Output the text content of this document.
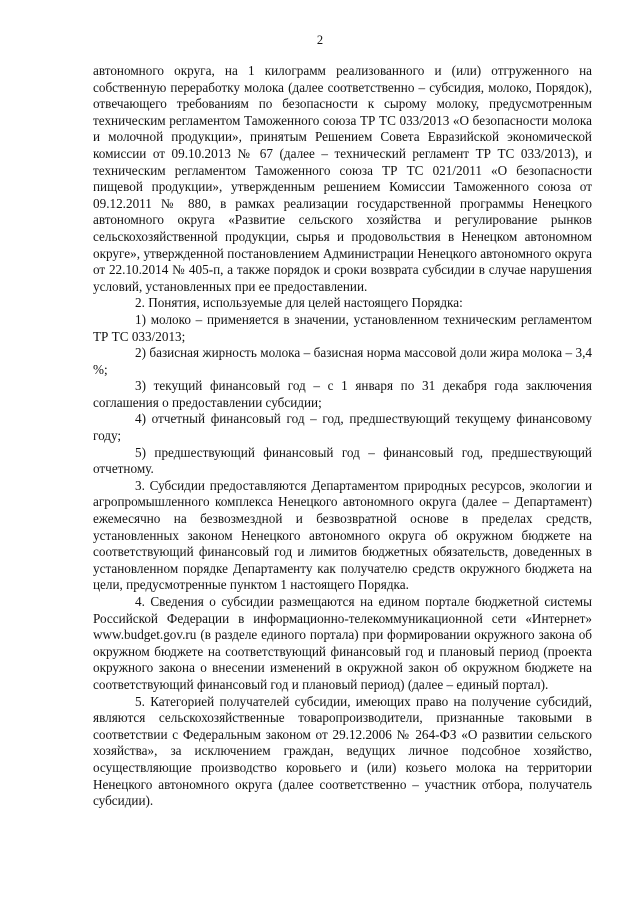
2

автономного округа, на 1 килограмм реализованного и (или) отгруженного на собственную переработку молока (далее соответственно – субсидия, молоко, Порядок), отвечающего требованиям по безопасности к сырому молоку, предусмотренным техническим регламентом Таможенного союза ТР ТС 033/2013 «О безопасности молока и молочной продукции», принятым Решением Совета Евразийской экономической комиссии от 09.10.2013 № 67 (далее – технический регламент ТР ТС 033/2013), и техническим регламентом Таможенного союза ТР ТС 021/2011 «О безопасности пищевой продукции», утвержденным решением Комиссии Таможенного союза от 09.12.2011 № 880, в рамках реализации государственной программы Ненецкого автономного округа «Развитие сельского хозяйства и регулирование рынков сельскохозяйственной продукции, сырья и продовольствия в Ненецком автономном округе», утвержденной постановлением Администрации Ненецкого автономного округа от 22.10.2014 № 405-п, а также порядок и сроки возврата субсидии в случае нарушения условий, установленных при ее предоставлении.

2. Понятия, используемые для целей настоящего Порядка:

1) молоко – применяется в значении, установленном техническим регламентом ТР ТС 033/2013;

2) базисная жирность молока – базисная норма массовой доли жира молока – 3,4 %;

3) текущий финансовый год – с 1 января по 31 декабря года заключения соглашения о предоставлении субсидии;

4) отчетный финансовый год – год, предшествующий текущему финансовому году;

5) предшествующий финансовый год – финансовый год, предшествующий отчетному.

3. Субсидии предоставляются Департаментом природных ресурсов, экологии и агропромышленного комплекса Ненецкого автономного округа (далее – Департамент) ежемесячно на безвозмездной и безвозвратной основе в пределах средств, установленных законом Ненецкого автономного округа об окружном бюджете на соответствующий финансовый год и лимитов бюджетных обязательств, доведенных в установленном порядке Департаменту как получателю средств окружного бюджета на цели, предусмотренные пунктом 1 настоящего Порядка.

4. Сведения о субсидии размещаются на едином портале бюджетной системы Российской Федерации в информационно-телекоммуникационной сети «Интернет» www.budget.gov.ru (в разделе единого портала) при формировании окружного закона об окружном бюджете на соответствующий финансовый год и плановый период (проекта окружного закона о внесении изменений в окружной закон об окружном бюджете на соответствующий финансовый год и плановый период) (далее – единый портал).

5. Категорией получателей субсидии, имеющих право на получение субсидий, являются сельскохозяйственные товаропроизводители, признанные таковыми в соответствии с Федеральным законом от 29.12.2006 № 264-ФЗ «О развитии сельского хозяйства», за исключением граждан, ведущих личное подсобное хозяйство, осуществляющие производство коровьего и (или) козьего молока на территории Ненецкого автономного округа (далее соответственно – участник отбора, получатель субсидии).
